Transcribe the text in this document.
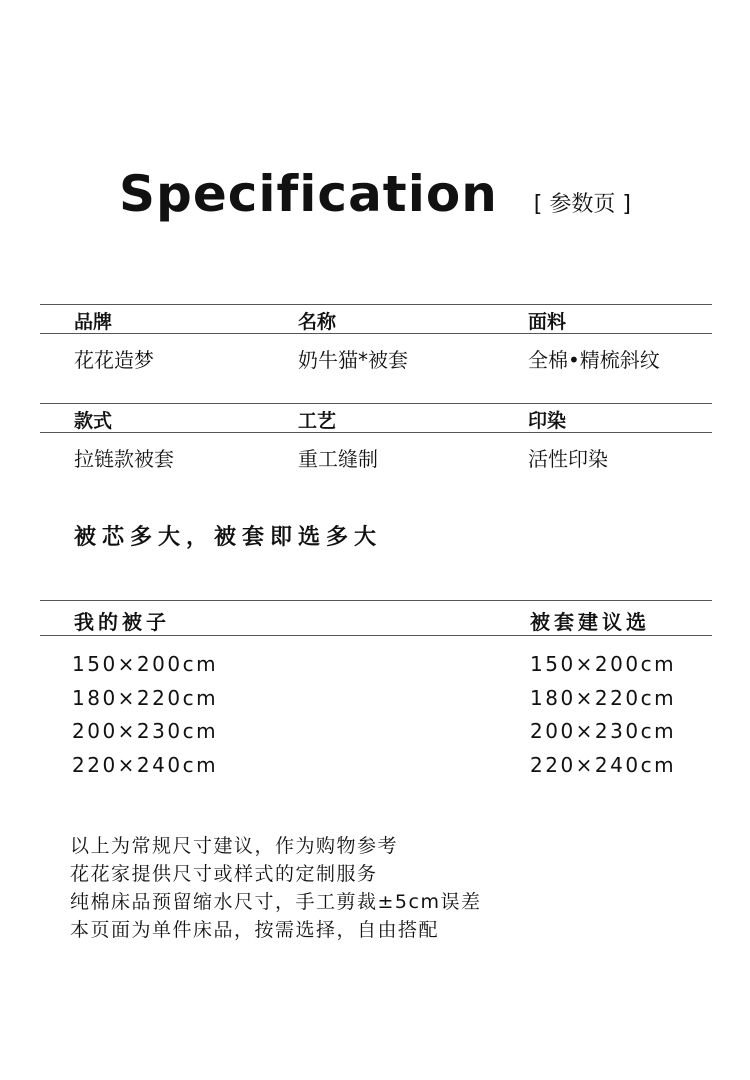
Specification [ 参数页 ]
品牌	名称	面料
花花造梦	奶牛猫*被套	全棉•精梳斜纹
款式	工艺	印染
拉链款被套	重工缝制	活性印染
被芯多大，被套即选多大
我的被子	被套建议选
150×200cm	150×200cm
180×220cm	180×220cm
200×230cm	200×230cm
220×240cm	220×240cm
以上为常规尺寸建议，作为购物参考
花花家提供尺寸或样式的定制服务
纯棉床品预留缩水尺寸，手工剪裁±5cm误差
本页面为单件床品，按需选择，自由搭配
